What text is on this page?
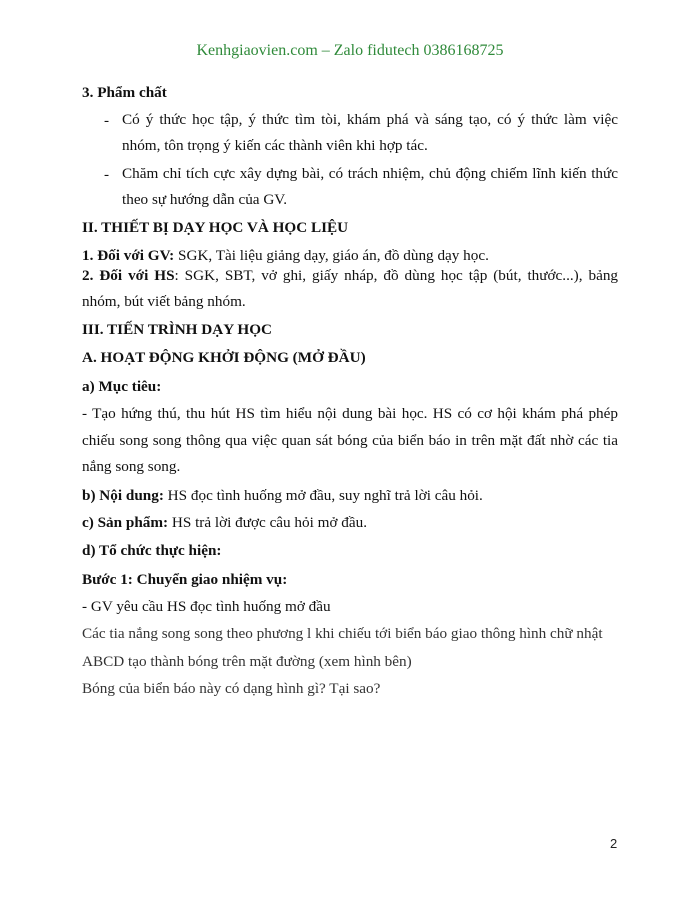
Kenhgiaovien.com – Zalo fidutech 0386168725
3. Phẩm chất
- Có ý thức học tập, ý thức tìm tòi, khám phá và sáng tạo, có ý thức làm việc
nhóm, tôn trọng ý kiến các thành viên khi hợp tác.
- Chăm chỉ tích cực xây dựng bài, có trách nhiệm, chủ động chiếm lĩnh kiến thức
theo sự hướng dẫn của GV.
II. THIẾT BỊ DẠY HỌC VÀ HỌC LIỆU
1. Đối với GV: SGK, Tài liệu giảng dạy, giáo án, đồ dùng dạy học.
2. Đối với HS: SGK, SBT, vở ghi, giấy nháp, đồ dùng học tập (bút, thước...), bảng
nhóm, bút viết bảng nhóm.
III. TIẾN TRÌNH DẠY HỌC
A. HOẠT ĐỘNG KHỞI ĐỘNG (MỞ ĐẦU)
a) Mục tiêu:
- Tạo hứng thú, thu hút HS tìm hiểu nội dung bài học. HS có cơ hội khám phá phép
chiếu song song thông qua việc quan sát bóng của biển báo in trên mặt đất nhờ các tia
nắng song song.
b) Nội dung: HS đọc tình huống mở đầu, suy nghĩ trả lời câu hỏi.
c) Sản phẩm: HS trả lời được câu hỏi mở đầu.
d) Tổ chức thực hiện:
Bước 1: Chuyển giao nhiệm vụ:
- GV yêu cầu HS đọc tình huống mở đầu
Các tia nắng song song theo phương l khi chiếu tới biển báo giao thông hình chữ nhật
ABCD tạo thành bóng trên mặt đường (xem hình bên)
Bóng của biển báo này có dạng hình gì? Tại sao?
2
